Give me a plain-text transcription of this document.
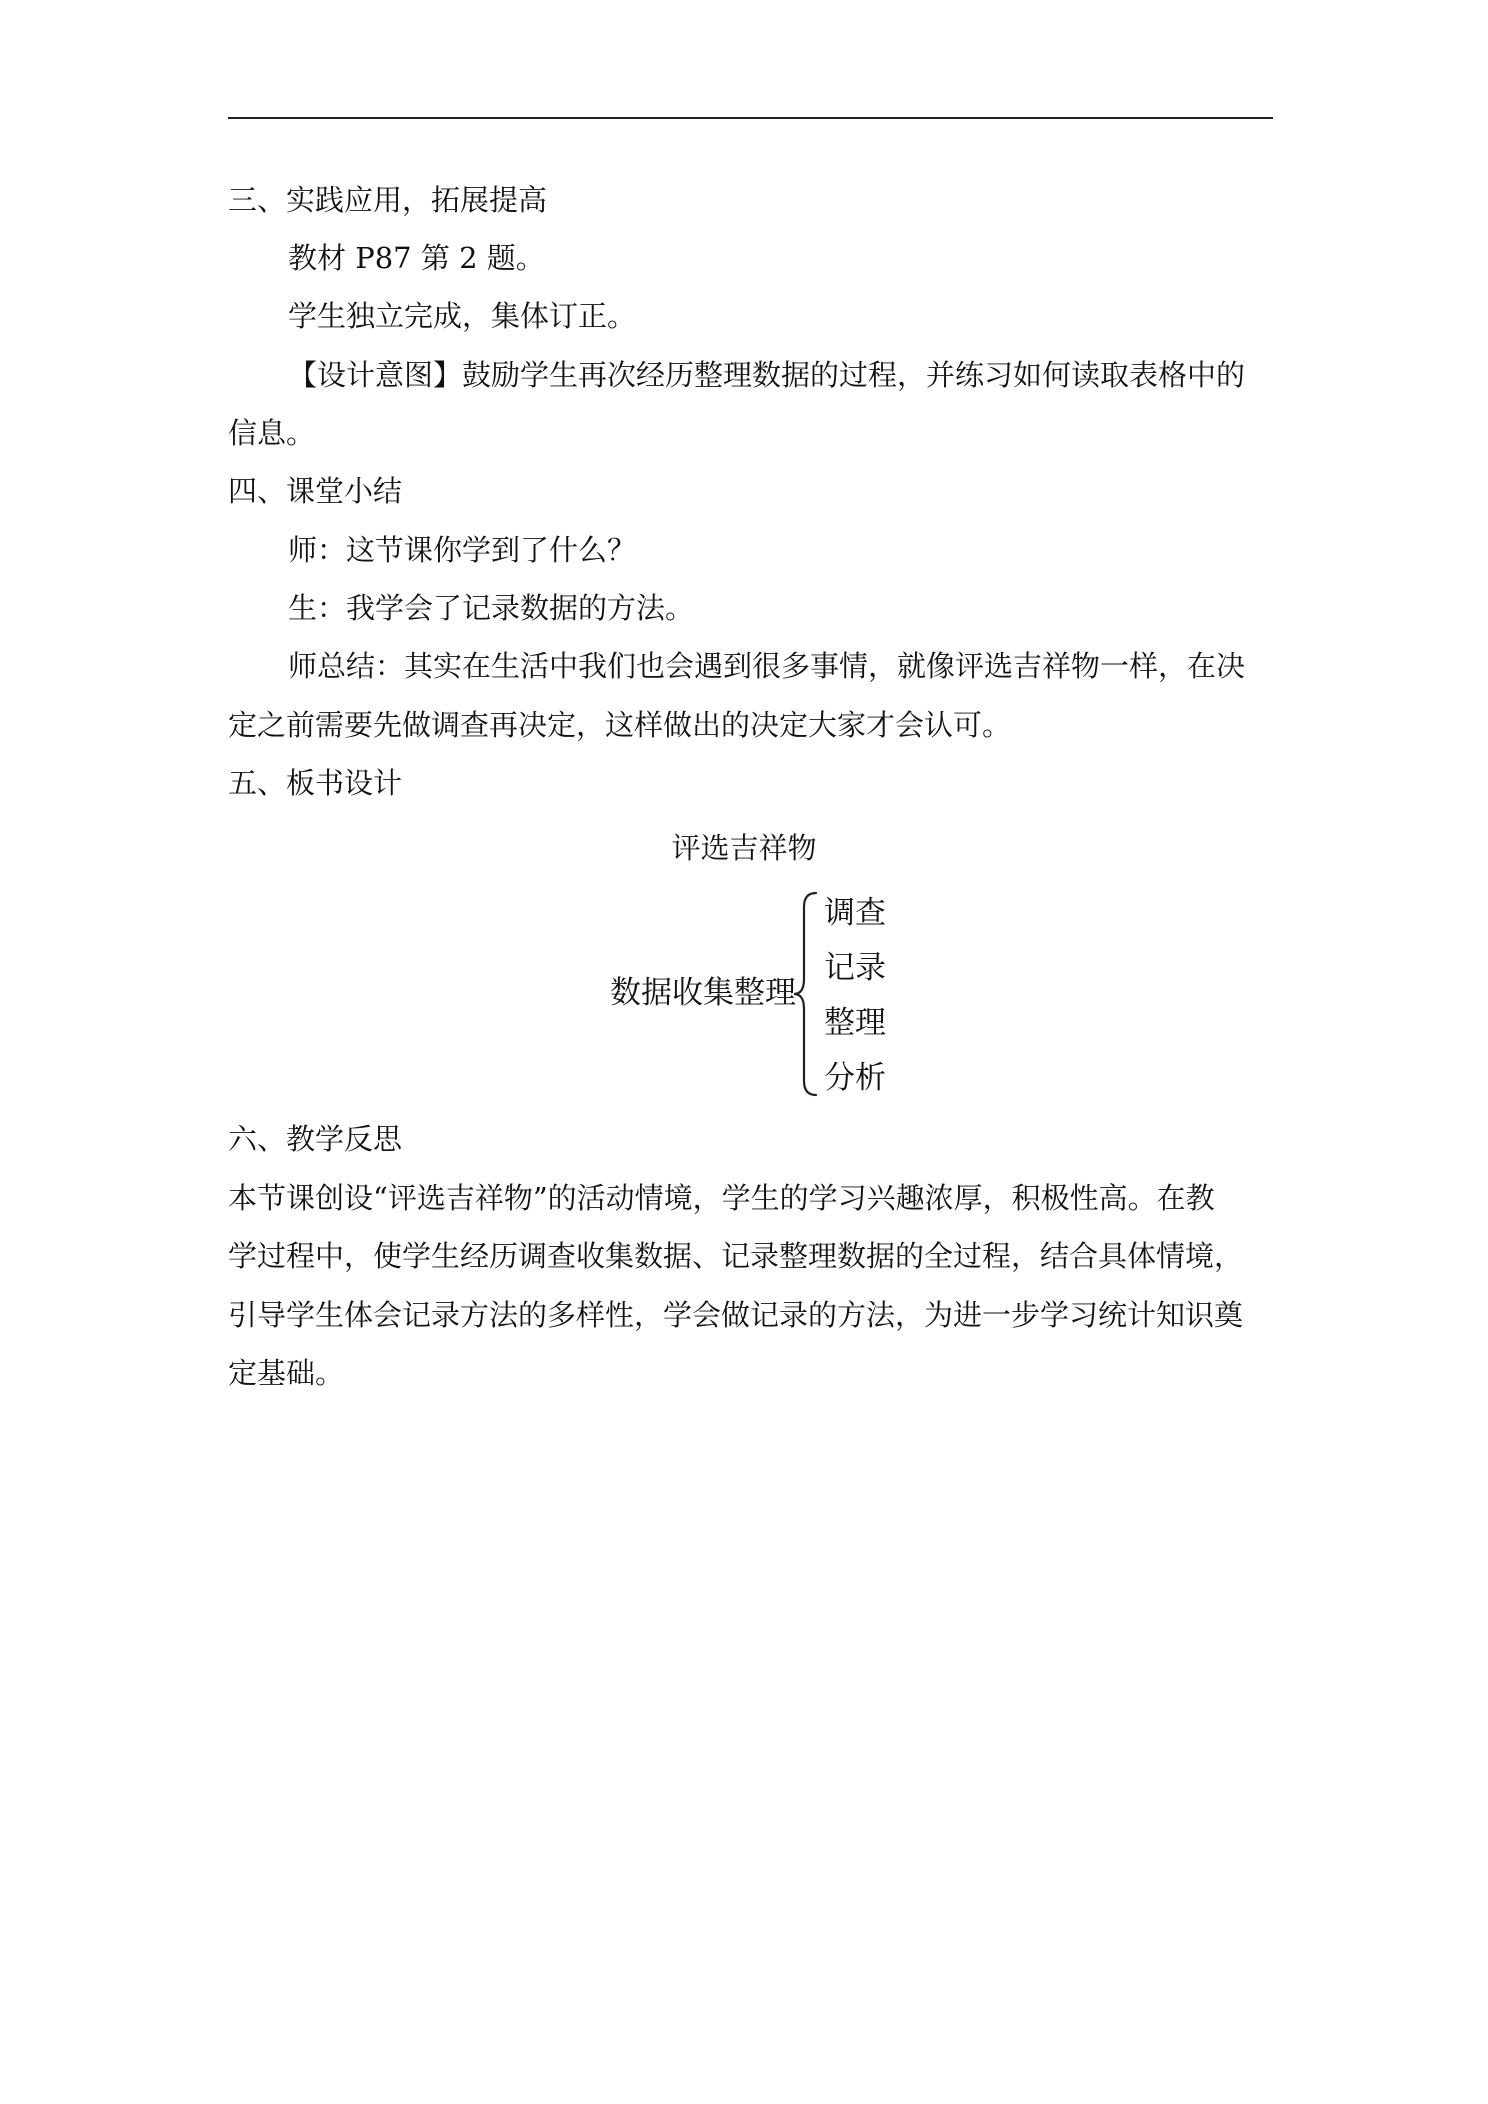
三、实践应用，拓展提高
教材 P87 第 2 题。
学生独立完成，集体订正。
【设计意图】鼓励学生再次经历整理数据的过程，并练习如何读取表格中的
信息。
四、课堂小结
师：这节课你学到了什么？
生：我学会了记录数据的方法。
师总结：其实在生活中我们也会遇到很多事情，就像评选吉祥物一样，在决
定之前需要先做调查再决定，这样做出的决定大家才会认可。
五、板书设计
评选吉祥物
数据收集整理
调查
记录
整理
分析
六、教学反思
本节课创设“评选吉祥物”的活动情境，学生的学习兴趣浓厚，积极性高。在教
学过程中，使学生经历调查收集数据、记录整理数据的全过程，结合具体情境，
引导学生体会记录方法的多样性，学会做记录的方法，为进一步学习统计知识奠
定基础。
